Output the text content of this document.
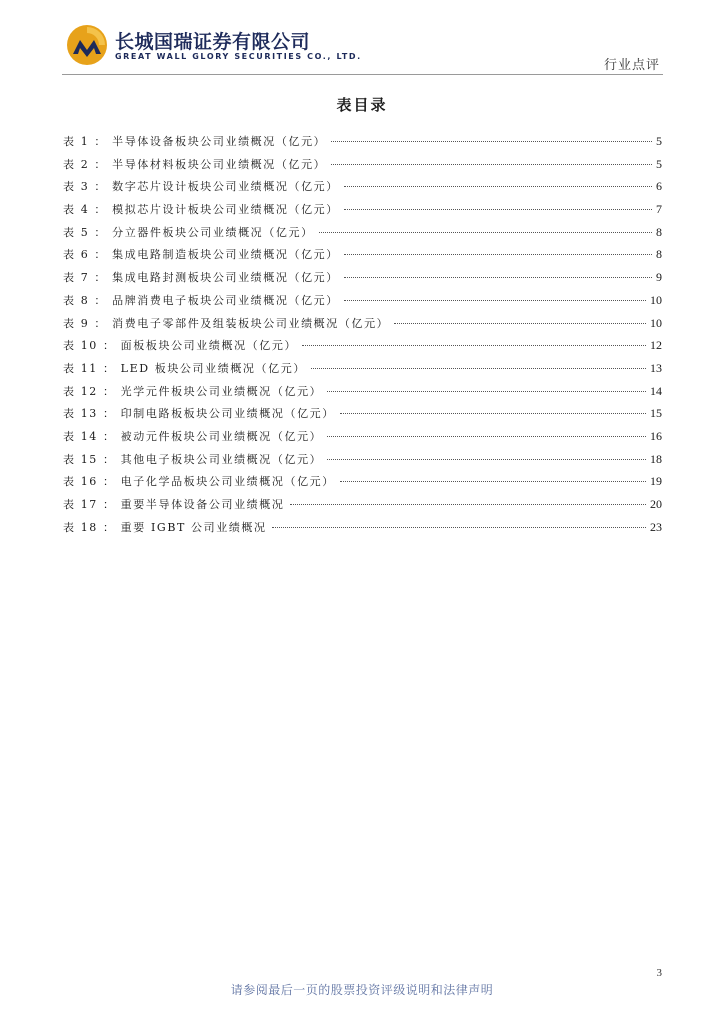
长城国瑞证券有限公司
GREAT WALL GLORY SECURITIES CO., LTD.
行业点评
表目录
表 1 ： 半导体设备板块公司业绩概况（亿元）	5
表 2 ： 半导体材料板块公司业绩概况（亿元）	5
表 3 ： 数字芯片设计板块公司业绩概况（亿元）	6
表 4 ： 模拟芯片设计板块公司业绩概况（亿元）	7
表 5 ： 分立器件板块公司业绩概况（亿元）	8
表 6 ： 集成电路制造板块公司业绩概况（亿元）	8
表 7 ： 集成电路封测板块公司业绩概况（亿元）	9
表 8 ： 品牌消费电子板块公司业绩概况（亿元）	10
表 9 ： 消费电子零部件及组装板块公司业绩概况（亿元）	10
表 10 ： 面板板块公司业绩概况（亿元）	12
表 11 ： LED 板块公司业绩概况（亿元）	13
表 12 ： 光学元件板块公司业绩概况（亿元）	14
表 13 ： 印制电路板板块公司业绩概况（亿元）	15
表 14 ： 被动元件板块公司业绩概况（亿元）	16
表 15 ： 其他电子板块公司业绩概况（亿元）	18
表 16 ： 电子化学品板块公司业绩概况（亿元）	19
表 17 ： 重要半导体设备公司业绩概况	20
表 18 ： 重要 IGBT 公司业绩概况	23
3
请参阅最后一页的股票投资评级说明和法律声明
